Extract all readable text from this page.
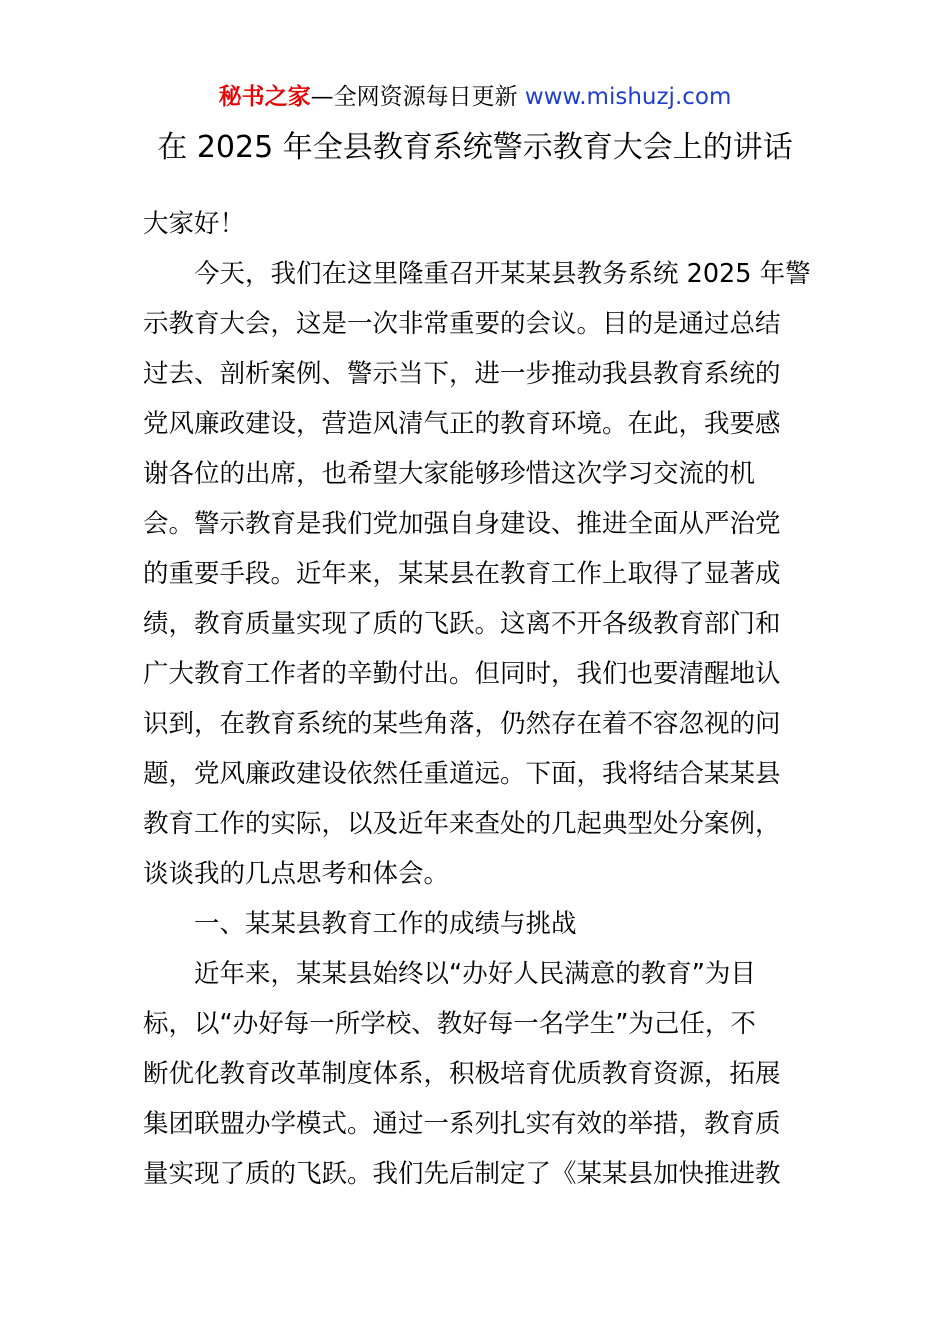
秘书之家—全网资源每日更新 www.mishuzj.com
在 2025 年全县教育系统警示教育大会上的讲话
大家好！
今天，我们在这里隆重召开某某县教务系统 2025 年警
示教育大会，这是一次非常重要的会议。目的是通过总结
过去、剖析案例、警示当下，进一步推动我县教育系统的
党风廉政建设，营造风清气正的教育环境。在此，我要感
谢各位的出席，也希望大家能够珍惜这次学习交流的机
会。警示教育是我们党加强自身建设、推进全面从严治党
的重要手段。近年来，某某县在教育工作上取得了显著成
绩，教育质量实现了质的飞跃。这离不开各级教育部门和
广大教育工作者的辛勤付出。但同时，我们也要清醒地认
识到，在教育系统的某些角落，仍然存在着不容忽视的问
题，党风廉政建设依然任重道远。下面，我将结合某某县
教育工作的实际，以及近年来查处的几起典型处分案例，
谈谈我的几点思考和体会。
一、某某县教育工作的成绩与挑战
近年来，某某县始终以“办好人民满意的教育”为目
标，以“办好每一所学校、教好每一名学生”为己任，不
断优化教育改革制度体系，积极培育优质教育资源，拓展
集团联盟办学模式。通过一系列扎实有效的举措，教育质
量实现了质的飞跃。我们先后制定了《某某县加快推进教
